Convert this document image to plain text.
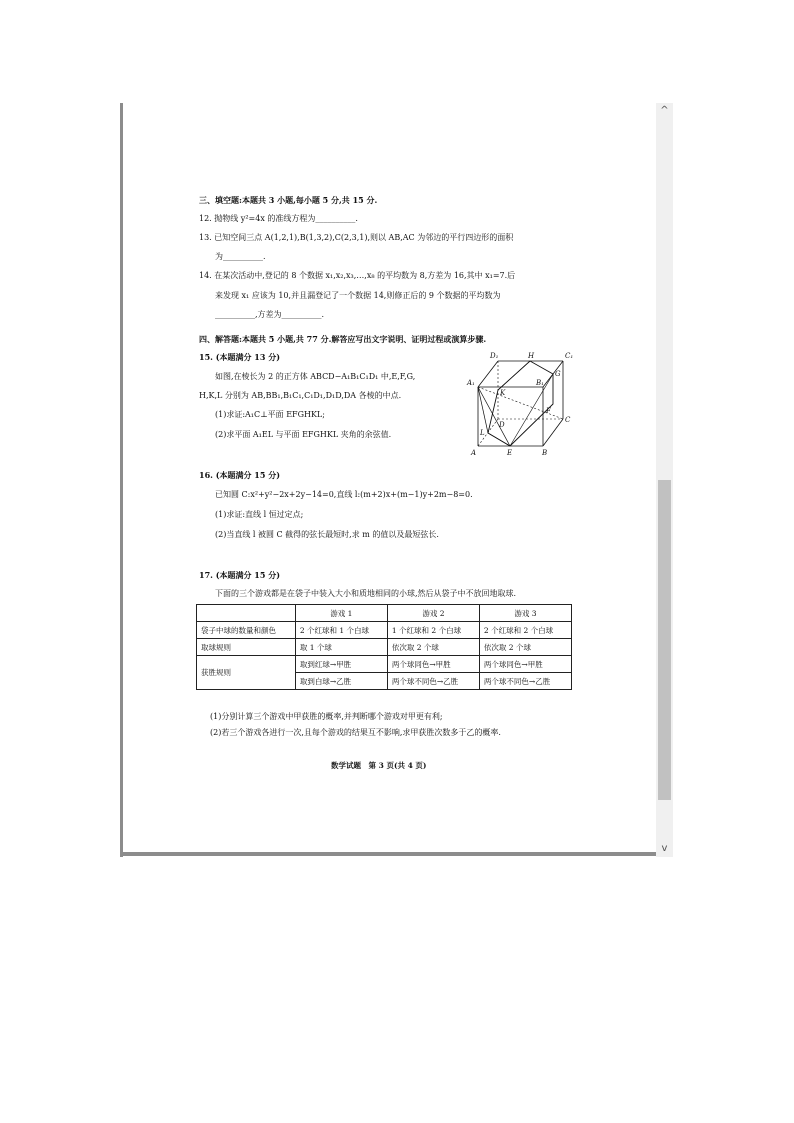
^
v
三、填空题:本题共 3 小题,每小题 5 分,共 15 分.
12. 抛物线 y²=4x 的准线方程为__________.
13. 已知空间三点 A(1,2,1),B(1,3,2),C(2,3,1),则以 AB,AC 为邻边的平行四边形的面积
为__________.
14. 在某次活动中,登记的 8 个数据 x₁,x₂,x₃,…,x₈ 的平均数为 8,方差为 16,其中 x₁=7.后
来发现 x₁ 应该为 10,并且漏登记了一个数据 14,则修正后的 9 个数据的平均数为
__________,方差为__________.
四、解答题:本题共 5 小题,共 77 分.解答应写出文字说明、证明过程或演算步骤.
15. (本题满分 13 分)
如图,在棱长为 2 的正方体 ABCD−A₁B₁C₁D₁ 中,E,F,G,
H,K,L 分别为 AB,BB₁,B₁C₁,C₁D₁,D₁D,DA 各棱的中点.
(1)求证:A₁C⊥平面 EFGHKL;
(2)求平面 A₁EL 与平面 EFGHKL 夹角的余弦值.
D₁	H	C₁
A₁
G
B₁
K
F
C
L
D
A	E	B
16. (本题满分 15 分)
已知圆 C:x²+y²−2x+2y−14=0,直线 l:(m+2)x+(m−1)y+2m−8=0.
(1)求证:直线 l 恒过定点;
(2)当直线 l 被圆 C 截得的弦长最短时,求 m 的值以及最短弦长.
17. (本题满分 15 分)
下面的三个游戏都是在袋子中装入大小和质地相同的小球,然后从袋子中不放回地取球.
	游戏 1	游戏 2	游戏 3
袋子中球的数量和颜色	2 个红球和 1 个白球	1 个红球和 2 个白球	2 个红球和 2 个白球
取球规则	取 1 个球	依次取 2 个球	依次取 2 个球
获胜规则	取到红球→甲胜	两个球同色→甲胜	两个球同色→甲胜
	取到白球→乙胜	两个球不同色→乙胜	两个球不同色→乙胜
(1)分别计算三个游戏中甲获胜的概率,并判断哪个游戏对甲更有利;
(2)若三个游戏各进行一次,且每个游戏的结果互不影响,求甲获胜次数多于乙的概率.
数学试题　第 3 页(共 4 页)
